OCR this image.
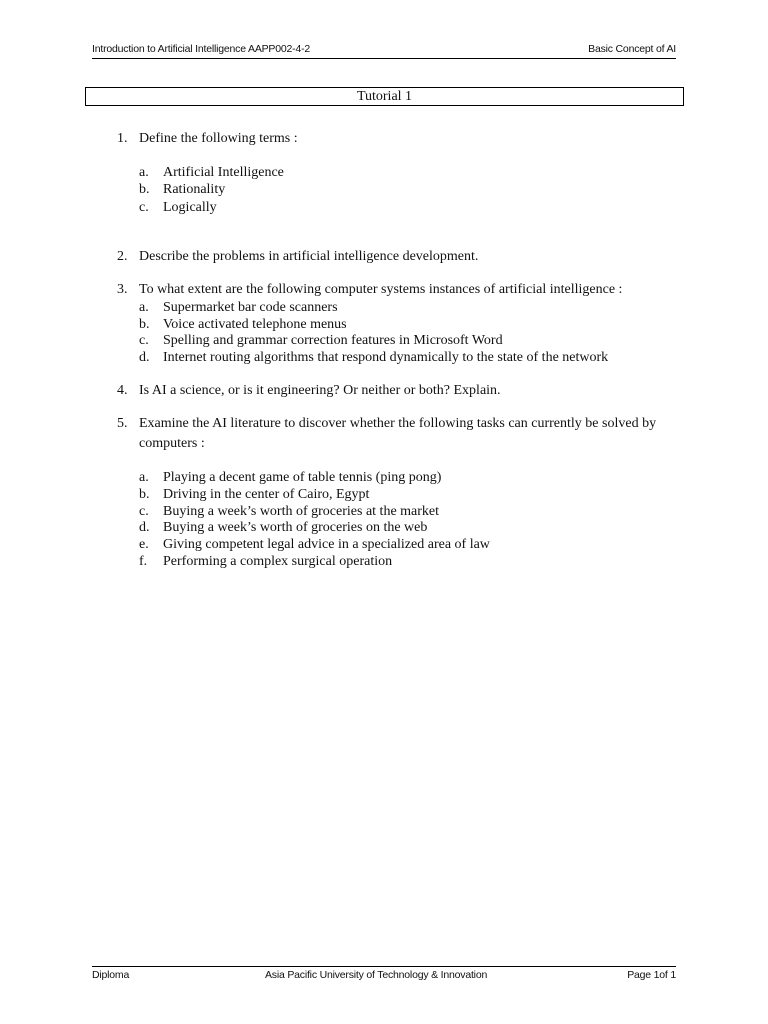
Introduction to Artificial Intelligence AAPP002-4-2	Basic Concept of AI
Tutorial 1
1. Define the following terms :
a. Artificial Intelligence
b. Rationality
c. Logically
2. Describe the problems in artificial intelligence development.
3. To what extent are the following computer systems instances of artificial intelligence :
a. Supermarket bar code scanners
b. Voice activated telephone menus
c. Spelling and grammar correction features in Microsoft Word
d. Internet routing algorithms that respond dynamically to the state of the network
4. Is AI a science, or is it engineering? Or neither or both? Explain.
5. Examine the AI literature to discover whether the following tasks can currently be solved by computers :
a. Playing a decent game of table tennis (ping pong)
b. Driving in the center of Cairo, Egypt
c. Buying a week’s worth of groceries at the market
d. Buying a week’s worth of groceries on the web
e. Giving competent legal advice in a specialized area of law
f. Performing a complex surgical operation
Diploma	Asia Pacific University of Technology & Innovation	Page 1of 1
